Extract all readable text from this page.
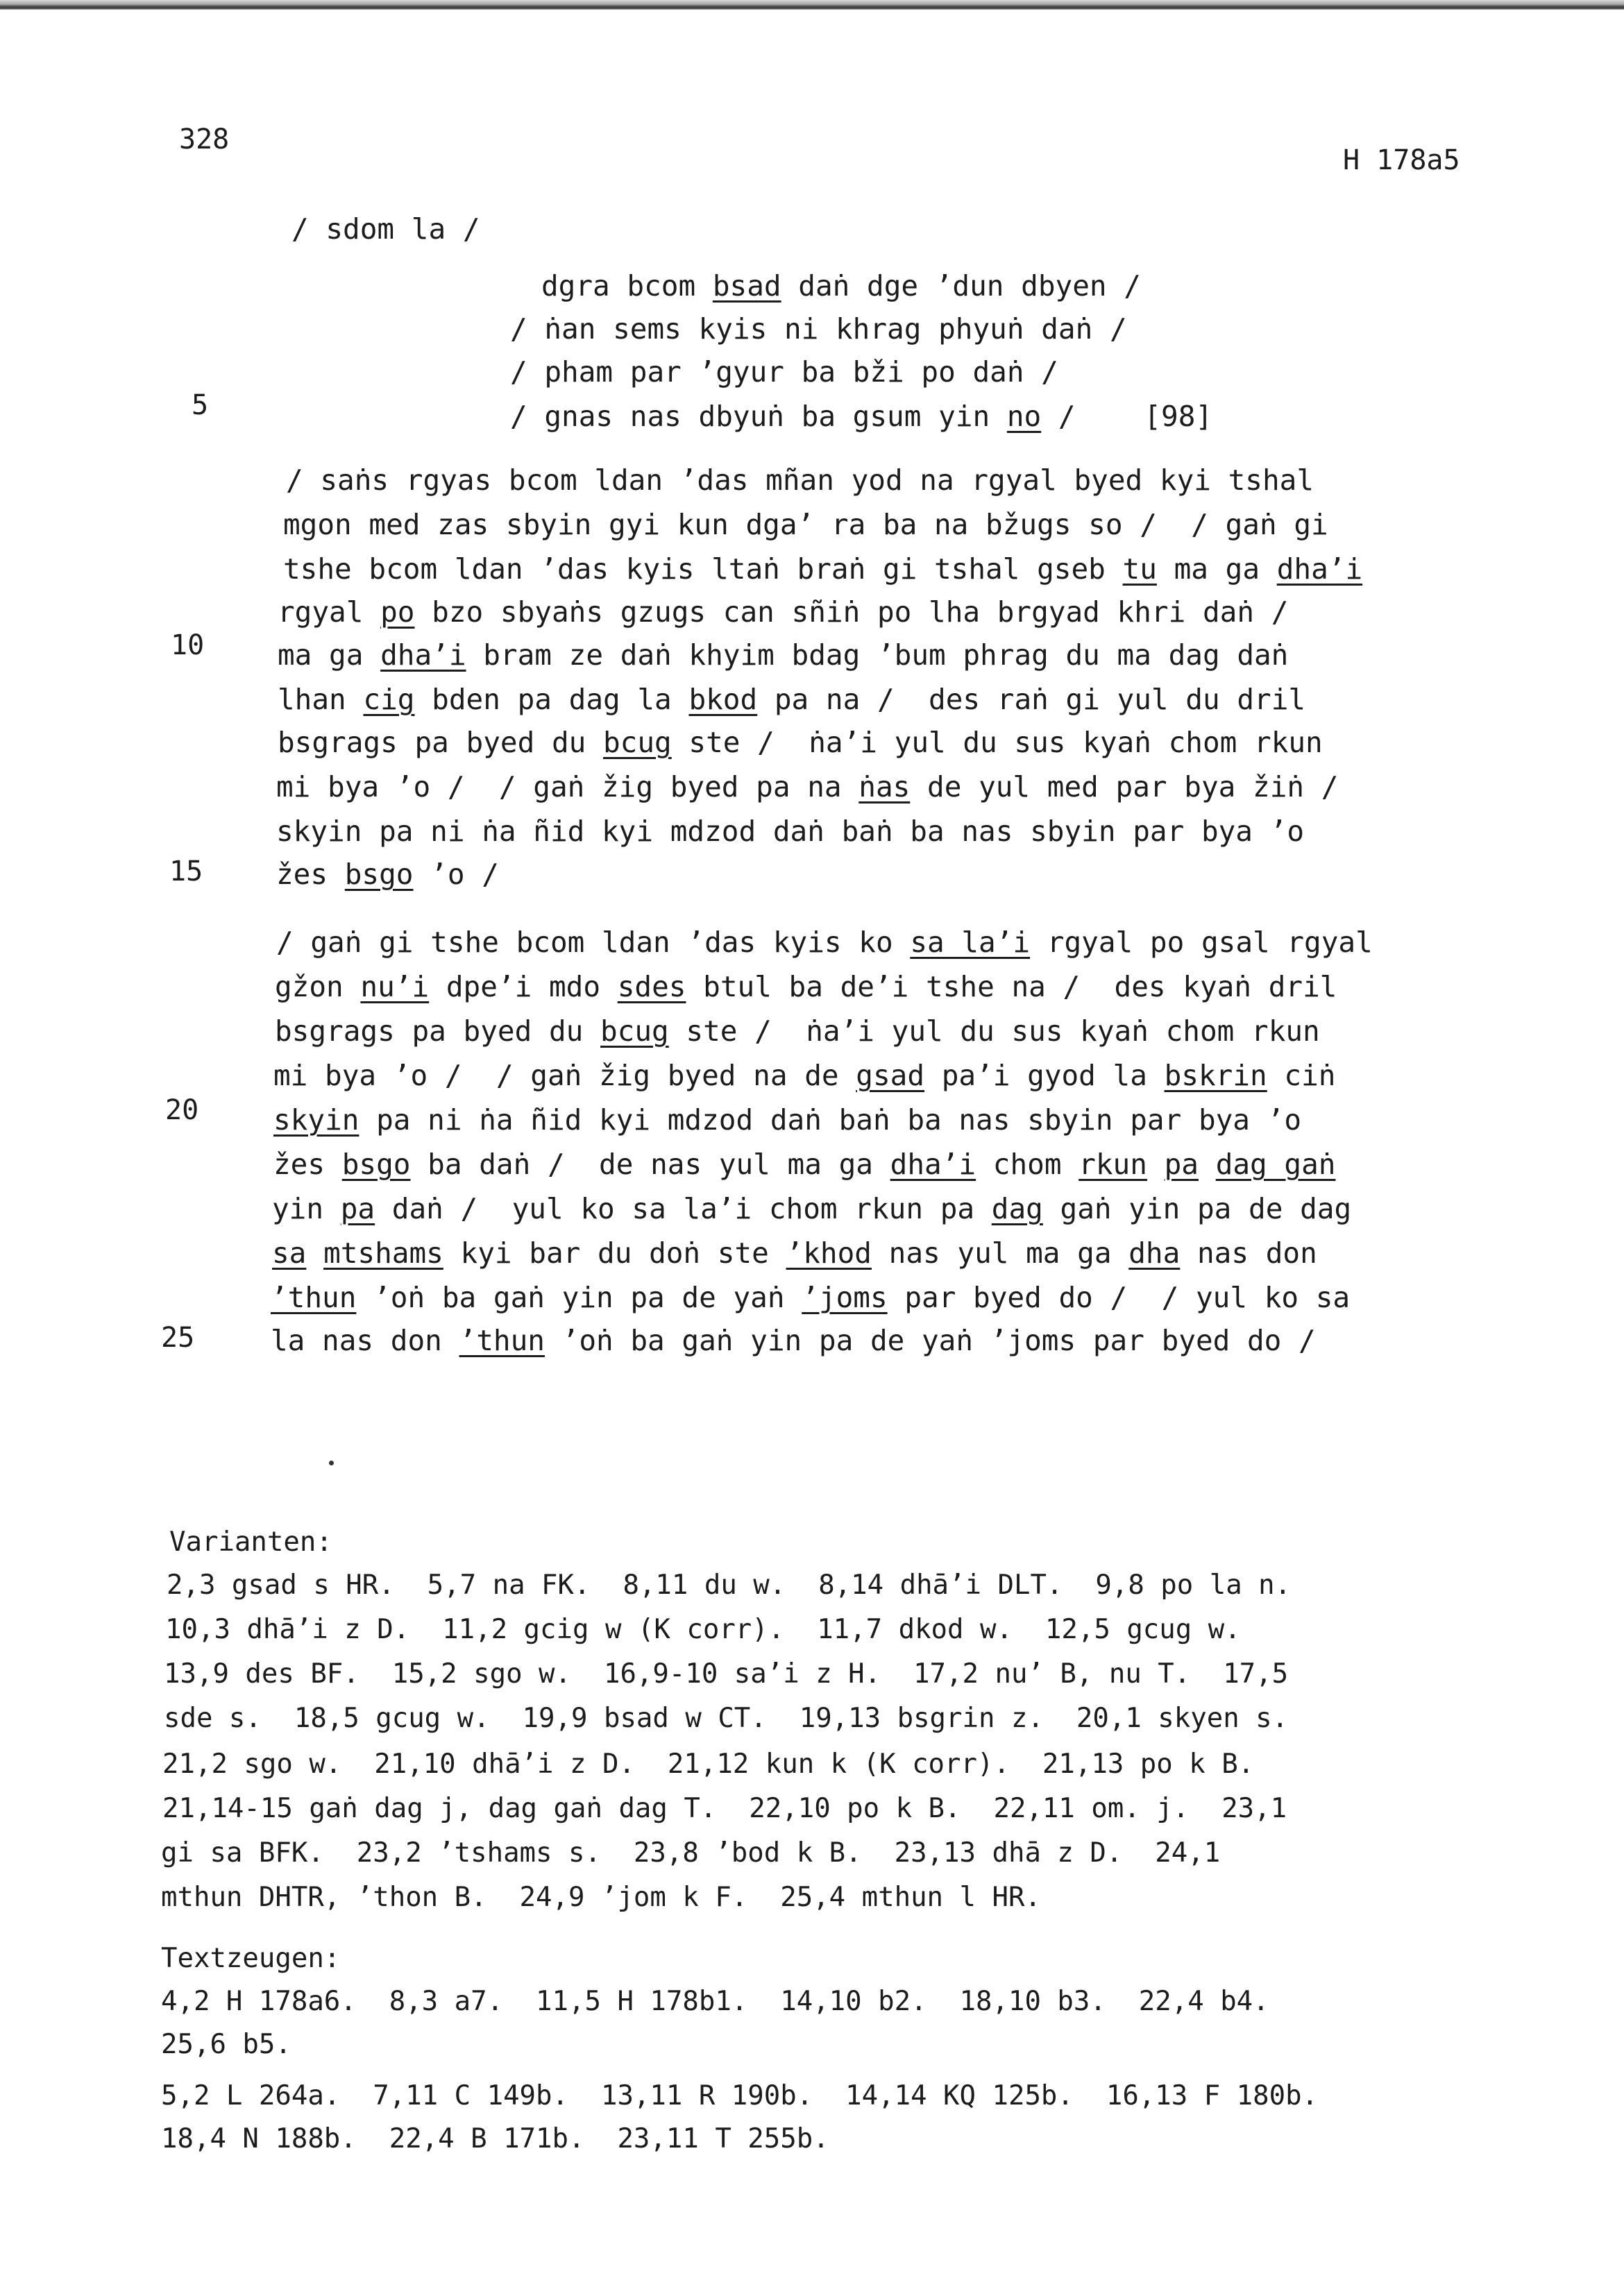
328
H 178a5
/ sdom la /
dgra bcom bsad daṅ dge ’dun dbyen /
/ ṅan sems kyis ni khrag phyuṅ daṅ /
/ pham par ’gyur ba bži po daṅ /
/ gnas nas dbyuṅ ba gsum yin no /    [98]
/ saṅs rgyas bcom ldan ’das mñan yod na rgyal byed kyi tshal
mgon med zas sbyin gyi kun dga’ ra ba na bžugs so /  / gaṅ gi
tshe bcom ldan ’das kyis ltaṅ braṅ gi tshal gseb tu ma ga dha’i
rgyal po bzo sbyaṅs gzugs can sñiṅ po lha brgyad khri daṅ /
ma ga dha’i bram ze daṅ khyim bdag ’bum phrag du ma dag daṅ
lhan cig bden pa dag la bkod pa na /  des raṅ gi yul du dril
bsgrags pa byed du bcug ste /  ṅa’i yul du sus kyaṅ chom rkun
mi bya ’o /  / gaṅ žig byed pa na ṅas de yul med par bya žiṅ /
skyin pa ni ṅa ñid kyi mdzod daṅ baṅ ba nas sbyin par bya ’o
žes bsgo ’o /
/ gaṅ gi tshe bcom ldan ’das kyis ko sa la’i rgyal po gsal rgyal
gžon nu’i dpe’i mdo sdes btul ba de’i tshe na /  des kyaṅ dril
bsgrags pa byed du bcug ste /  ṅa’i yul du sus kyaṅ chom rkun
mi bya ’o /  / gaṅ žig byed na de gsad pa’i gyod la bskrin ciṅ
skyin pa ni ṅa ñid kyi mdzod daṅ baṅ ba nas sbyin par bya ’o
žes bsgo ba daṅ /  de nas yul ma ga dha’i chom rkun pa dag gaṅ
yin pa daṅ /  yul ko sa la’i chom rkun pa dag gaṅ yin pa de dag
sa mtshams kyi bar du doṅ ste ’khod nas yul ma ga dha nas don
’thun ’oṅ ba gaṅ yin pa de yaṅ ’joms par byed do /  / yul ko sa
la nas don ’thun ’oṅ ba gaṅ yin pa de yaṅ ’joms par byed do /
5
10
15
20
25
Varianten:
2,3 gsad s HR.  5,7 na FK.  8,11 du w.  8,14 dhā’i DLT.  9,8 po la n.
10,3 dhā’i z D.  11,2 gcig w (K corr).  11,7 dkod w.  12,5 gcug w.
13,9 des BF.  15,2 sgo w.  16,9-10 sa’i z H.  17,2 nu’ B, nu T.  17,5
sde s.  18,5 gcug w.  19,9 bsad w CT.  19,13 bsgrin z.  20,1 skyen s.
21,2 sgo w.  21,10 dhā’i z D.  21,12 kun k (K corr).  21,13 po k B.
21,14-15 gaṅ dag j, dag gaṅ dag T.  22,10 po k B.  22,11 om. j.  23,1
gi sa BFK.  23,2 ’tshams s.  23,8 ’bod k B.  23,13 dhā z D.  24,1
mthun DHTR, ’thon B.  24,9 ’jom k F.  25,4 mthun l HR.
Textzeugen:
4,2 H 178a6.  8,3 a7.  11,5 H 178b1.  14,10 b2.  18,10 b3.  22,4 b4.
25,6 b5.
5,2 L 264a.  7,11 C 149b.  13,11 R 190b.  14,14 KQ 125b.  16,13 F 180b.
18,4 N 188b.  22,4 B 171b.  23,11 T 255b.
